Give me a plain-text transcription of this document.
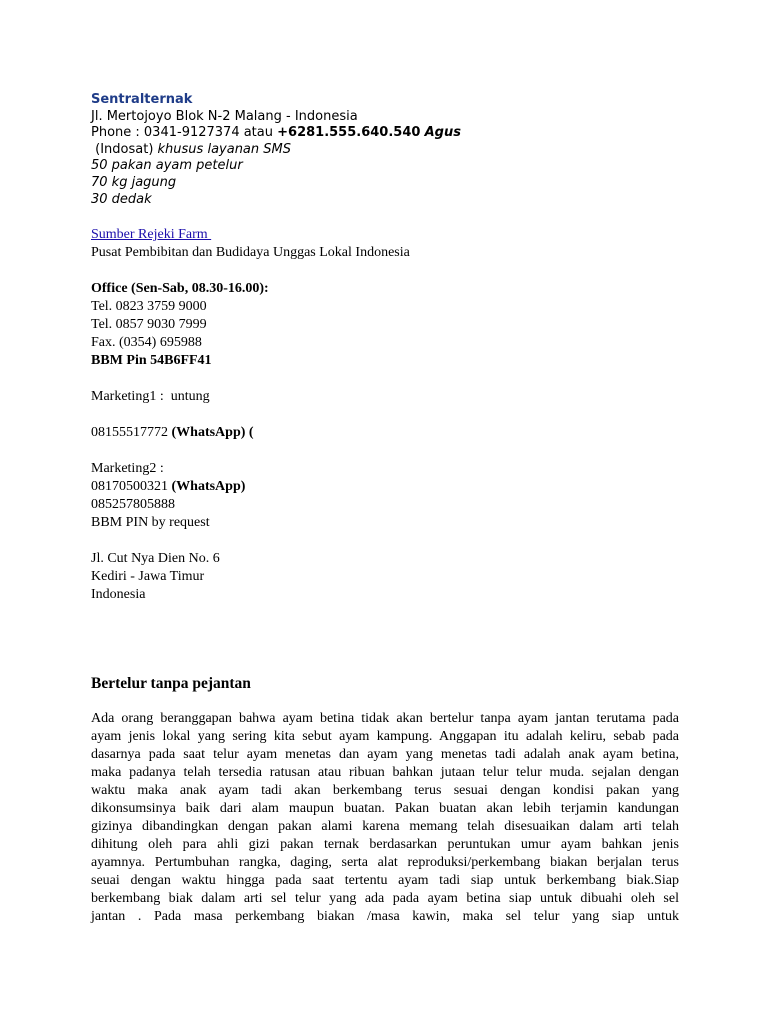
Sentralternak
Jl. Mertojoyo Blok N-2 Malang - Indonesia
Phone : 0341-9127374 atau +6281.555.640.540 Agus
(Indosat) khusus layanan SMS
50 pakan ayam petelur
70 kg jagung
30 dedak
Sumber Rejeki Farm
Pusat Pembibitan dan Budidaya Unggas Lokal Indonesia
Office (Sen-Sab, 08.30-16.00):
Tel. 0823 3759 9000
Tel. 0857 9030 7999
Fax. (0354) 695988
BBM Pin 54B6FF41
Marketing1 :  untung
08155517772 (WhatsApp) (
Marketing2 :
08170500321 (WhatsApp)
085257805888
BBM PIN by request
Jl. Cut Nya Dien No. 6
Kediri - Jawa Timur
Indonesia
Bertelur tanpa pejantan
Ada orang beranggapan bahwa ayam betina tidak akan bertelur tanpa ayam jantan terutama pada
ayam jenis lokal yang sering kita sebut ayam kampung. Anggapan itu adalah keliru, sebab pada
dasarnya pada saat telur ayam menetas dan ayam yang menetas tadi adalah anak ayam betina,
maka padanya telah tersedia ratusan atau ribuan bahkan jutaan telur telur muda. sejalan dengan
waktu maka anak ayam tadi akan berkembang terus sesuai dengan kondisi pakan yang
dikonsumsinya baik dari alam maupun buatan. Pakan buatan akan lebih terjamin kandungan
gizinya dibandingkan dengan pakan alami karena memang telah disesuaikan dalam arti telah
dihitung oleh para ahli gizi pakan ternak berdasarkan peruntukan umur ayam bahkan jenis
ayamnya. Pertumbuhan rangka, daging, serta alat reproduksi/perkembang biakan berjalan terus
seuai dengan waktu hingga pada saat tertentu ayam tadi siap untuk berkembang biak.Siap
berkembang biak dalam arti sel telur yang ada pada ayam betina siap untuk dibuahi oleh sel
jantan . Pada masa perkembang biakan /masa kawin, maka sel telur yang siap untuk
